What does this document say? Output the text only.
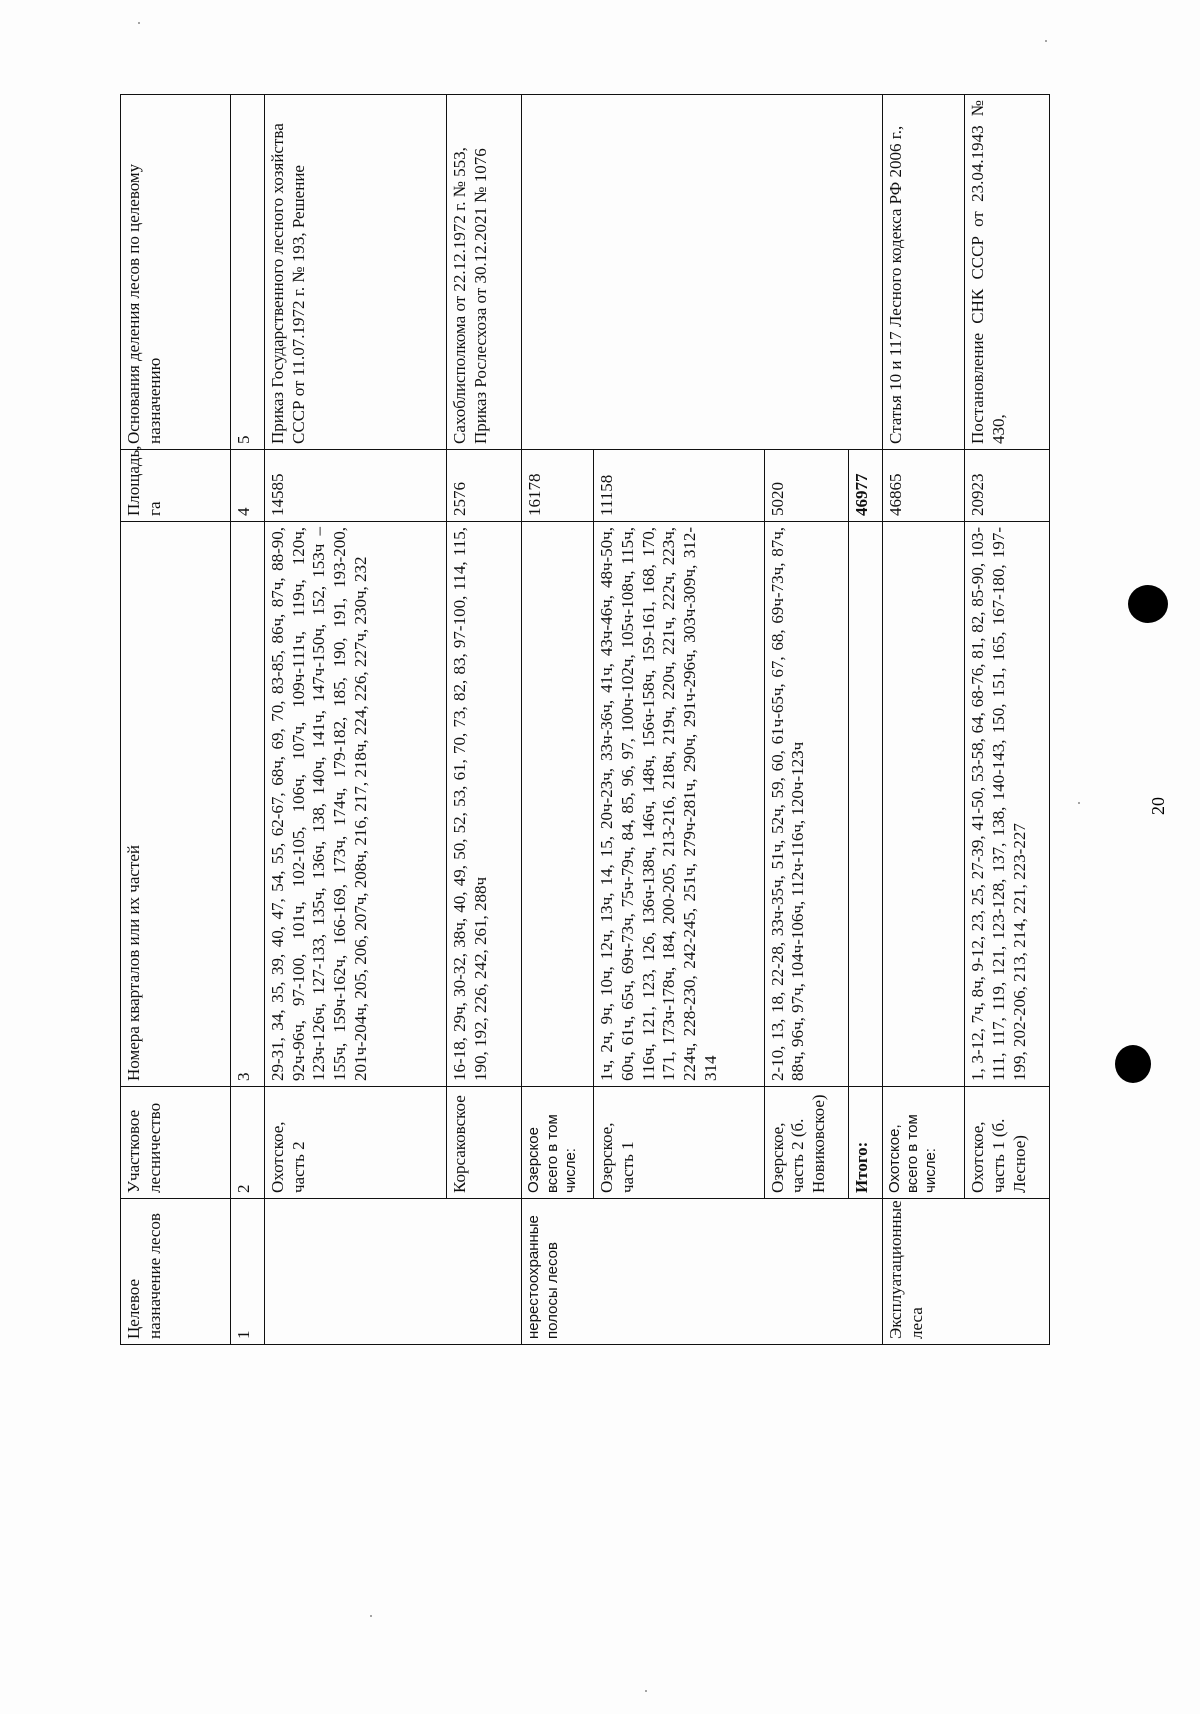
Целевое назначение лесов	Участковое лесничество	Номера кварталов или их частей	Площадь, га	Основания деления лесов по целевому назначению
1	2	3	4	5
	Охотское, часть 2	29-31, 34, 35, 39, 40, 47, 54, 55, 62-67, 68ч, 69, 70, 83-85, 86ч, 87ч, 88-90, 92ч-96ч, 97-100, 101ч, 102-105, 106ч, 107ч, 109ч-111ч, 119ч, 120ч, 123ч-126ч, 127-133, 135ч, 136ч, 138, 140ч, 141ч, 147ч-150ч, 152, 153ч – 155ч, 159ч-162ч, 166-169, 173ч, 174ч, 179-182, 185, 190, 191, 193-200, 201ч-204ч, 205, 206, 207ч, 208ч, 216, 217, 218ч, 224, 226, 227ч, 230ч, 232	14585	Приказ Государственного лесного хозяйства СССР от 11.07.1972 г. № 193, Решение
	Корсаковское	16-18, 29ч, 30-32, 38ч, 40, 49, 50, 52, 53, 61, 70, 73, 82, 83, 97-100, 114, 115, 190, 192, 226, 242, 261, 288ч	2576	Сахоблисполкома от 22.12.1972 г. № 553, Приказ Рослесхоза от 30.12.2021 № 1076
нерестоохранные полосы лесов	Озерское всего в том числе:		16178	
	Озерское, часть 1	1ч, 2ч, 9ч, 10ч, 12ч, 13ч, 14, 15, 20ч-23ч, 33ч-36ч, 41ч, 43ч-46ч, 48ч-50ч, 60ч, 61ч, 65ч, 69ч-73ч, 75ч-79ч, 84, 85, 96, 97, 100ч-102ч, 105ч-108ч, 115ч, 116ч, 121, 123, 126, 136ч-138ч, 146ч, 148ч, 156ч-158ч, 159-161, 168, 170, 171, 173ч-178ч, 184, 200-205, 213-216, 218ч, 219ч, 220ч, 221ч, 222ч, 223ч, 224ч, 228-230, 242-245, 251ч, 279ч-281ч, 290ч, 291ч-296ч, 303ч-309ч, 312-314	11158	
	Озерское, часть 2 (б. Новиковское)	2-10, 13, 18, 22-28, 33ч-35ч, 51ч, 52ч, 59, 60, 61ч-65ч, 67, 68, 69ч-73ч, 87ч, 88ч, 96ч, 97ч, 104ч-106ч, 112ч-116ч, 120ч-123ч	5020	
	Итого:		46977	
Эксплуатационные леса	Охотское, всего в том числе:		46865	Статья 10 и 117 Лесного кодекса РФ 2006 г.,
	Охотское, часть 1 (б. Лесное)	1, 3-12, 7ч, 8ч, 9-12, 23, 25, 27-39, 41-50, 53-58, 64, 68-76, 81, 82, 85-90, 103-111, 117, 119, 121, 123-128, 137, 138, 140-143, 150, 151, 165, 167-180, 197-199, 202-206, 213, 214, 221, 223-227	20923	Постановление СНК СССР от 23.04.1943 № 430,
20
